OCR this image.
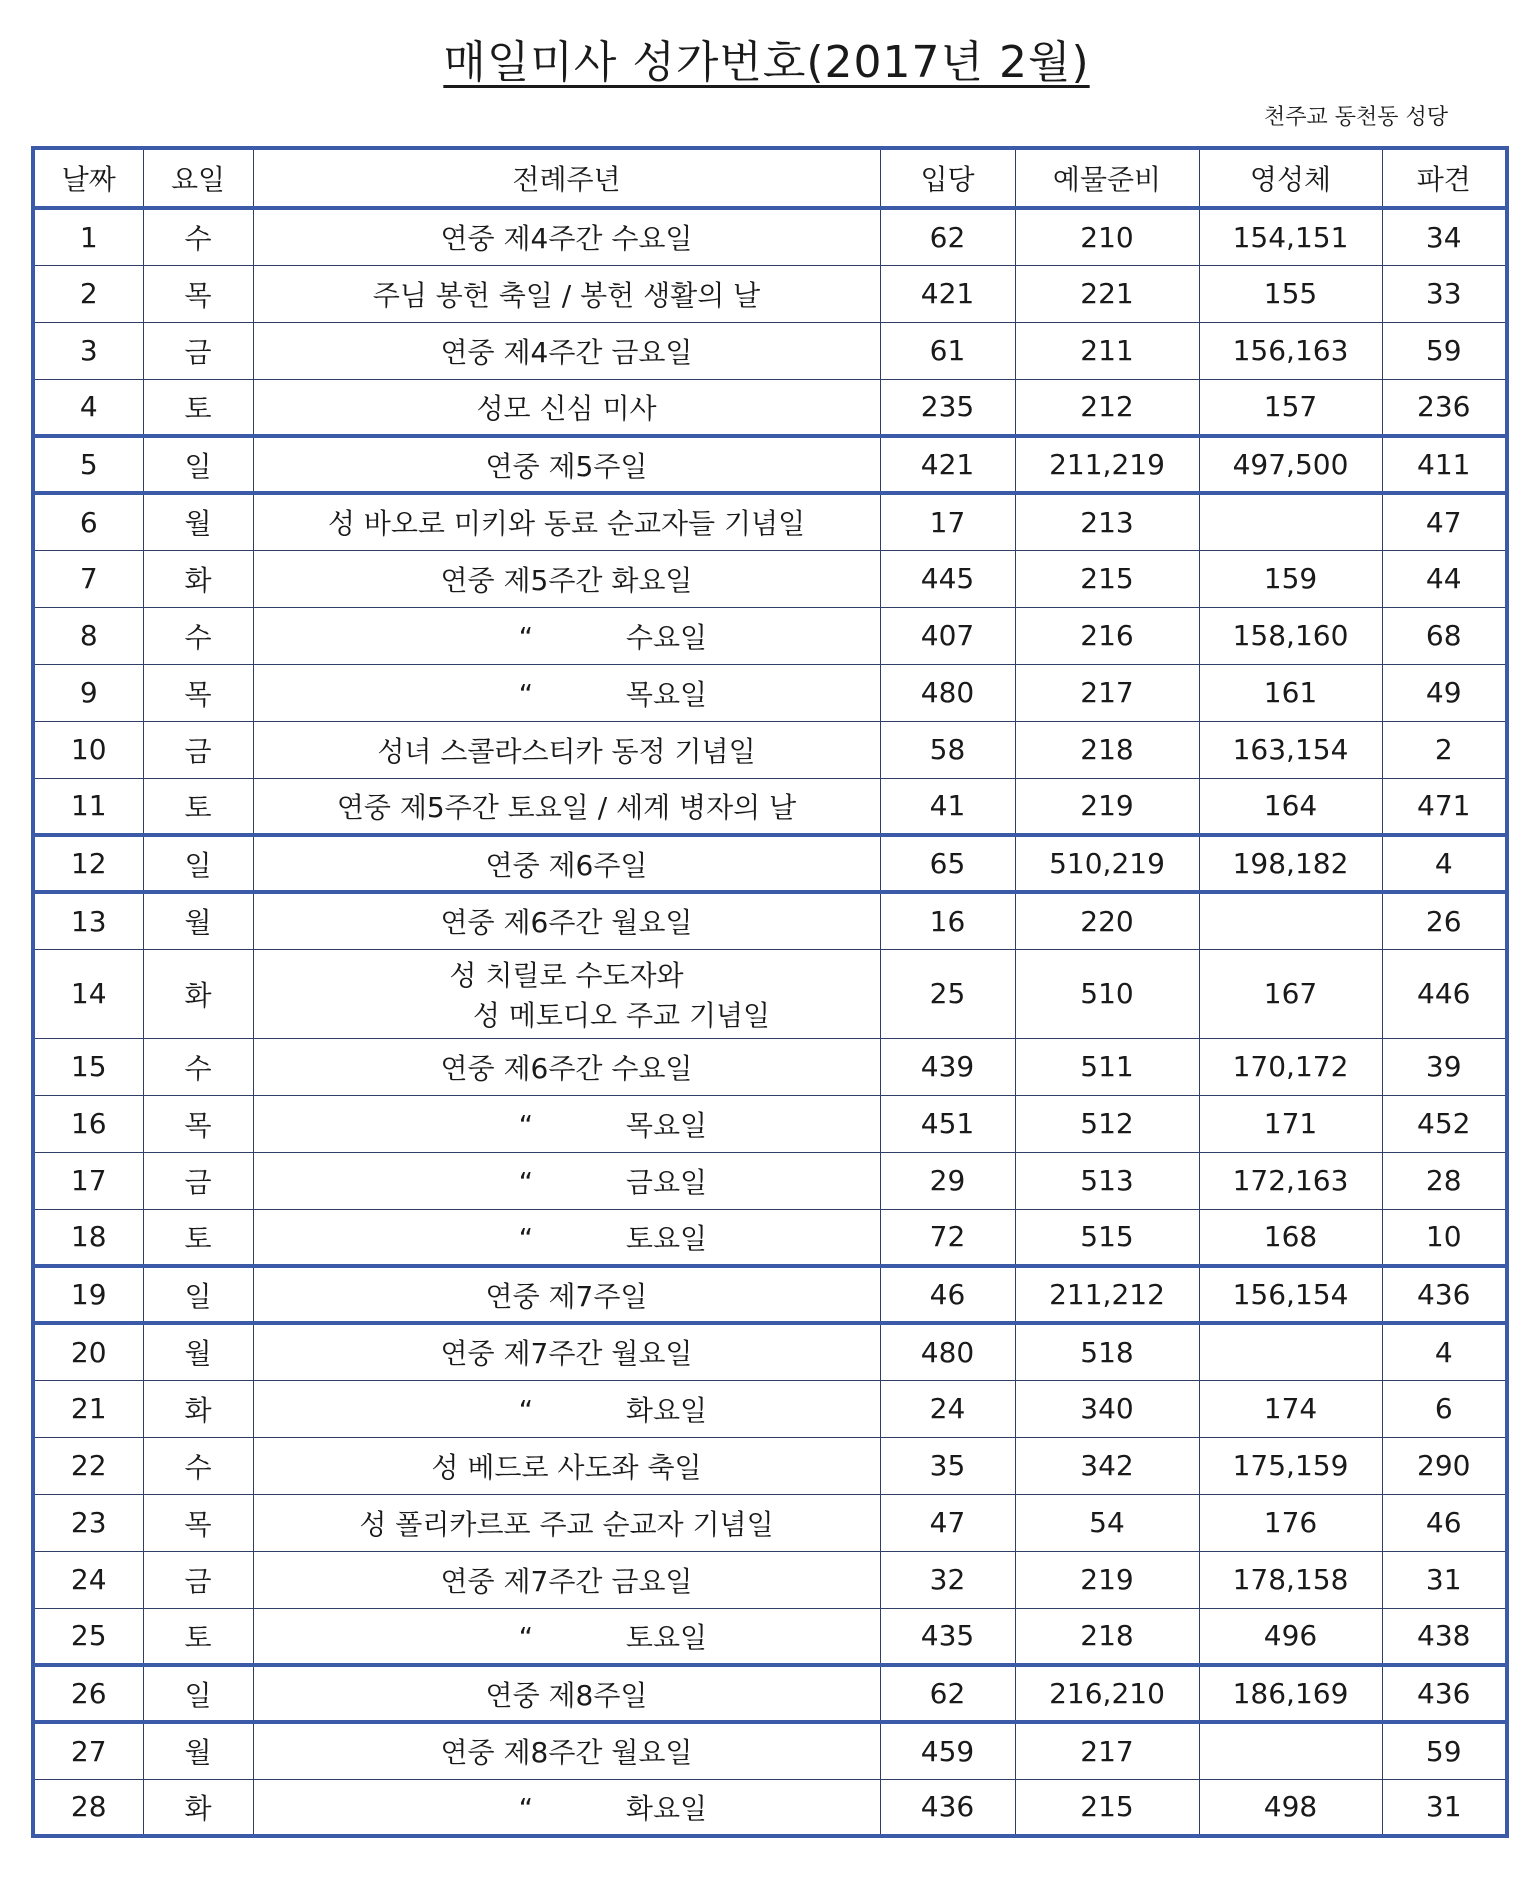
매일미사 성가번호(2017년 2월)
천주교 동천동 성당
날짜	요일	전례주년	입당	예물준비	영성체	파견
1	수	연중 제4주간 수요일	62	210	154,151	34
2	목	주님 봉헌 축일 / 봉헌 생활의 날	421	221	155	33
3	금	연중 제4주간 금요일	61	211	156,163	59
4	토	성모 신심 미사	235	212	157	236
5	일	연중 제5주일	421	211,219	497,500	411
6	월	성 바오로 미키와 동료 순교자들 기념일	17	213		47
7	화	연중 제5주간 화요일	445	215	159	44
8	수	“ 수요일	407	216	158,160	68
9	목	“ 목요일	480	217	161	49
10	금	성녀 스콜라스티카 동정 기념일	58	218	163,154	2
11	토	연중 제5주간 토요일 / 세계 병자의 날	41	219	164	471
12	일	연중 제6주일	65	510,219	198,182	4
13	월	연중 제6주간 월요일	16	220		26
14	화	성 치릴로 수도자와
성 메토디오 주교 기념일	25	510	167	446
15	수	연중 제6주간 수요일	439	511	170,172	39
16	목	“ 목요일	451	512	171	452
17	금	“ 금요일	29	513	172,163	28
18	토	“ 토요일	72	515	168	10
19	일	연중 제7주일	46	211,212	156,154	436
20	월	연중 제7주간 월요일	480	518		4
21	화	“ 화요일	24	340	174	6
22	수	성 베드로 사도좌 축일	35	342	175,159	290
23	목	성 폴리카르포 주교 순교자 기념일	47	54	176	46
24	금	연중 제7주간 금요일	32	219	178,158	31
25	토	“ 토요일	435	218	496	438
26	일	연중 제8주일	62	216,210	186,169	436
27	월	연중 제8주간 월요일	459	217		59
28	화	“ 화요일	436	215	498	31
